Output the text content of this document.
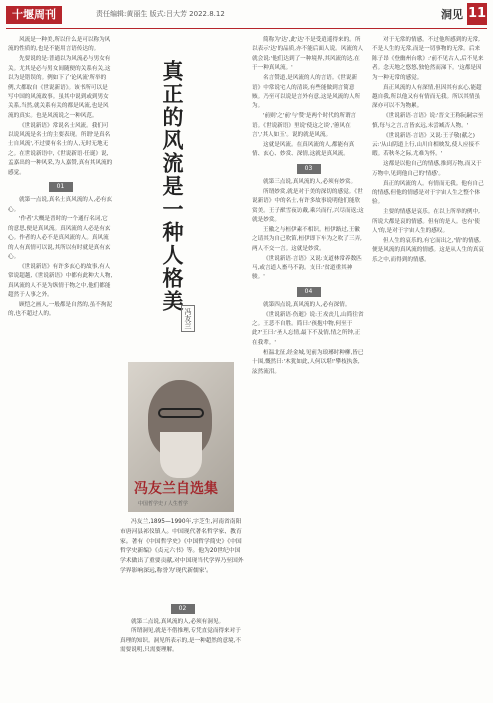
十堰周刊	责任编辑:黄丽生 版式:吕大芳 2022.8.12	洞见 11

风流是一种美,所以什么是可以称为风流的性质的,也是不能用言语传达的。

先要说的是:普通以为风流必与男女有关。尤其是必与男女间随便的关系有关,这以为是错误的。例如下了'论风流'所举的例,大都取自《世说新语》。该书所可以是写中国的风流故事。虽其中说到或到男女关系,当然,就关系有关的都是风流,也是风流的真实。也是风流说之一种风范。

《世说新语》常说名士风流。我们可以说风流是名士的主要表现。所谓'是真名士自风流',不过要有名士的人,无时无地无之。在世说新语中,《世说新语·任诞》说,孟嘉出的一种风采,为人嘉赞,真有其风流的感觉。

01

就第一点说,真名士真风流的人,必有玄心。

'作者'大概是晋时的一个通行名词,它的意思,便是真风流。真风流的人必是有玄心。作者的人必不是真风流的人。真风流的人有真情可以说,其所以有时就是真有玄心。

《世说新语》有许多玄心的故事,有人常说超越,《世说新语》中都有此种大人物,真风流的人不是为纵情于物之中,他们都能超然于人事之外。

顾恺之画人,一般都是自然的,虽不拘泥的,也不超过人的。

真正的风流是一种人格美
冯友兰
冯友兰自选集
中国哲学史 / 人生哲学

冯友兰,1895—1990年,字芝生,河南省南阳市唐河县祁仪镇人。中国现代著名哲学家、教育家。著有《中国哲学史》《中国哲学简史》《中国哲学史新编》《贞元六书》等。他为20世纪中国学术做出了重要贡献,对中国现当代学界乃至国外学界影响深远,称誉为'现代新儒家'。

02

就第二点说,真风流的人,必须有洞见。

所谓洞见,就是不借推理,专凭直觉而得来对于真理的知识。洞见所表示的,是一种超然的意境,不需要说明,只需要理解。

简称为'达',此'达'不是受逍遥得来的。所以表示'达'的品质,亦不能后面人说。风流的人就会说:'他们达到了一种境界,其风流的达,在于一种真风流。'

名言赞道,是风流的人的言语。《世说新语》中常说宅人的清谈,有些能做到言简意赅。乃至可以说是言外有意,这是风流的人所为。

'前则'之'前'与'赞'是两个时代的所谓言语。《世说新语》里说'使这之谈','蕙风在言','其人如玉'。说的就是风流。

这就是风流。在真风流的人,都能有真情、玄心、妙赏、深情,这就是真风流。

03

就第三点说,真风流的人,必须有妙赏。

所谓妙赏,就是对于美的深切的感觉。《世说新语》中的名士,有许多故事说明他们能欣赏美。王子猷雪夜访戴,乘兴而行,兴尽而返;这就是妙赏。

王徽之与桓伊素不相识。桓伊路过,王徽之请其为自己吹笛,桓伊即下车为之吹了三弄,两人不交一言。这就是妙赏。

《世说新语·言语》又说:支道林常养数匹马,或言道人畜马不韵。支曰:'贫道重其神骏。'

04

就第四点说,真风流的人,必有深情。

《世说新语·伤逝》说:王戎丧儿,山简往省之。王悲不自胜。简曰:'孩抱中物,何至于此?'王曰:'圣人忘情,最下不及情,情之所钟,正在我辈。'

桓温北征,经金城,见前为琅琊时种柳,皆已十围,慨然曰:'木犹如此,人何以堪!'攀枝执条,泫然流泪。

对于无常的情感。不过他所感到的无常,不是人生的无常,而是一切事物的无常。后来陈子昂《登幽州台歌》:'前不见古人,后不见来者。念天地之悠悠,独怆然而涕下。'这都是因为一种无常的感觉。

真正风流的人有深情,但因其有玄心,能超越自我,所以他又有有情而无我。所以其情虽深亦可以不为物累。

《世说新语·言语》说:'晋文王称阮嗣宗至慎,每与之言,言皆玄远,未尝臧否人物。'

《世说新语·言语》又说:王子敬(献之)云:'从山阴道上行,山川自相映发,使人应接不暇。若秋冬之际,尤难为怀。'

这都是以他自己的情感,推到万物,而又于万物中,见到他自己的'情感'。

真正的风流的人。有情而无我。他有自己的情感,但他的情感是对于宇宙人生之整个体验。

主要的情感是哀乐。在以上所举的例中,所说大都是哀的情感。但有的是人。也有'使人'的,是对于宇宙人生的感叹。

但人生的哀乐的,有它而出之,'情'的情感,便是风流的真风流的情感。这是从人生的真哀乐之中,而得到的情感。
